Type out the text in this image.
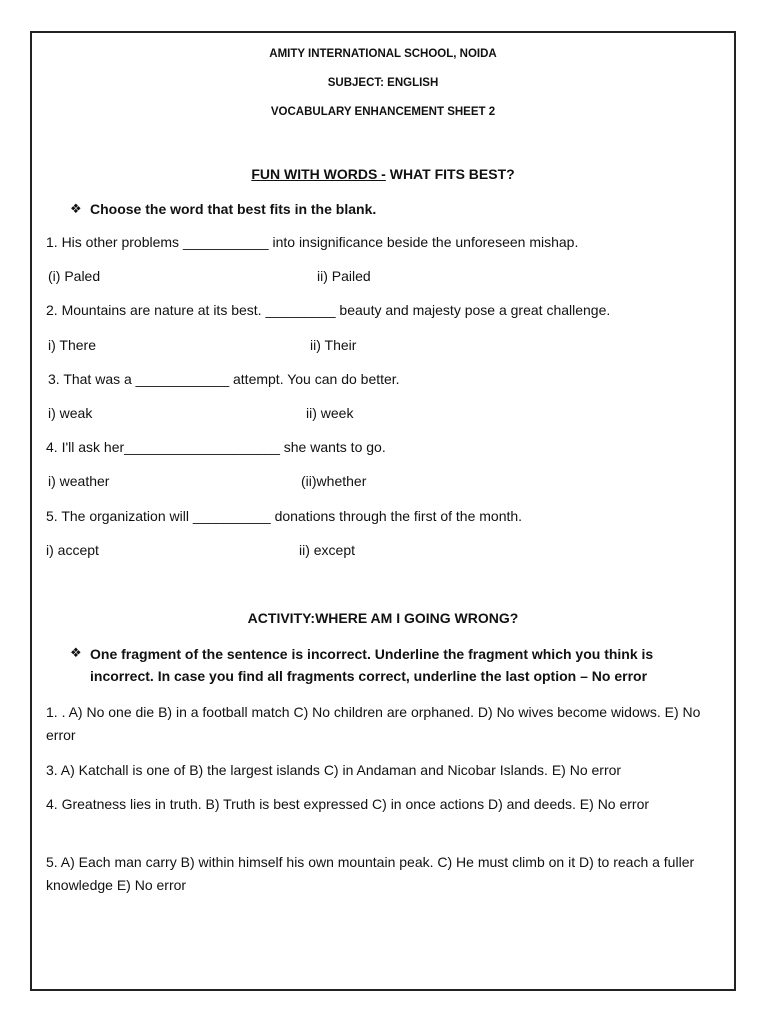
AMITY INTERNATIONAL SCHOOL, NOIDA
SUBJECT: ENGLISH
VOCABULARY ENHANCEMENT SHEET 2
FUN WITH WORDS - WHAT FITS BEST?
❖ Choose the word that best fits in the blank.
1. His other problems ___________ into insignificance beside the unforeseen mishap.
(i) Paled	ii) Pailed
2. Mountains are nature at its best. _________ beauty and majesty pose a great challenge.
i) There	ii) Their
3. That was a ____________ attempt. You can do better.
i) weak	ii) week
4. I'll ask her____________________ she wants to go.
i) weather	(ii)whether
5. The organization will __________ donations through the first of the month.
i) accept	ii) except
ACTIVITY:WHERE AM I GOING WRONG?
❖ One fragment of the sentence is incorrect. Underline the fragment which you think is
incorrect. In case you find all fragments correct, underline the last option – No error
1. . A) No one die B) in a football match C) No children are orphaned. D) No wives become widows. E) No error
3. A) Katchall is one of B) the largest islands C) in Andaman and Nicobar Islands. E) No error
4. Greatness lies in truth. B) Truth is best expressed C) in once actions D) and deeds. E) No error
5. A) Each man carry B) within himself his own mountain peak. C) He must climb on it D) to reach a fuller knowledge E) No error
